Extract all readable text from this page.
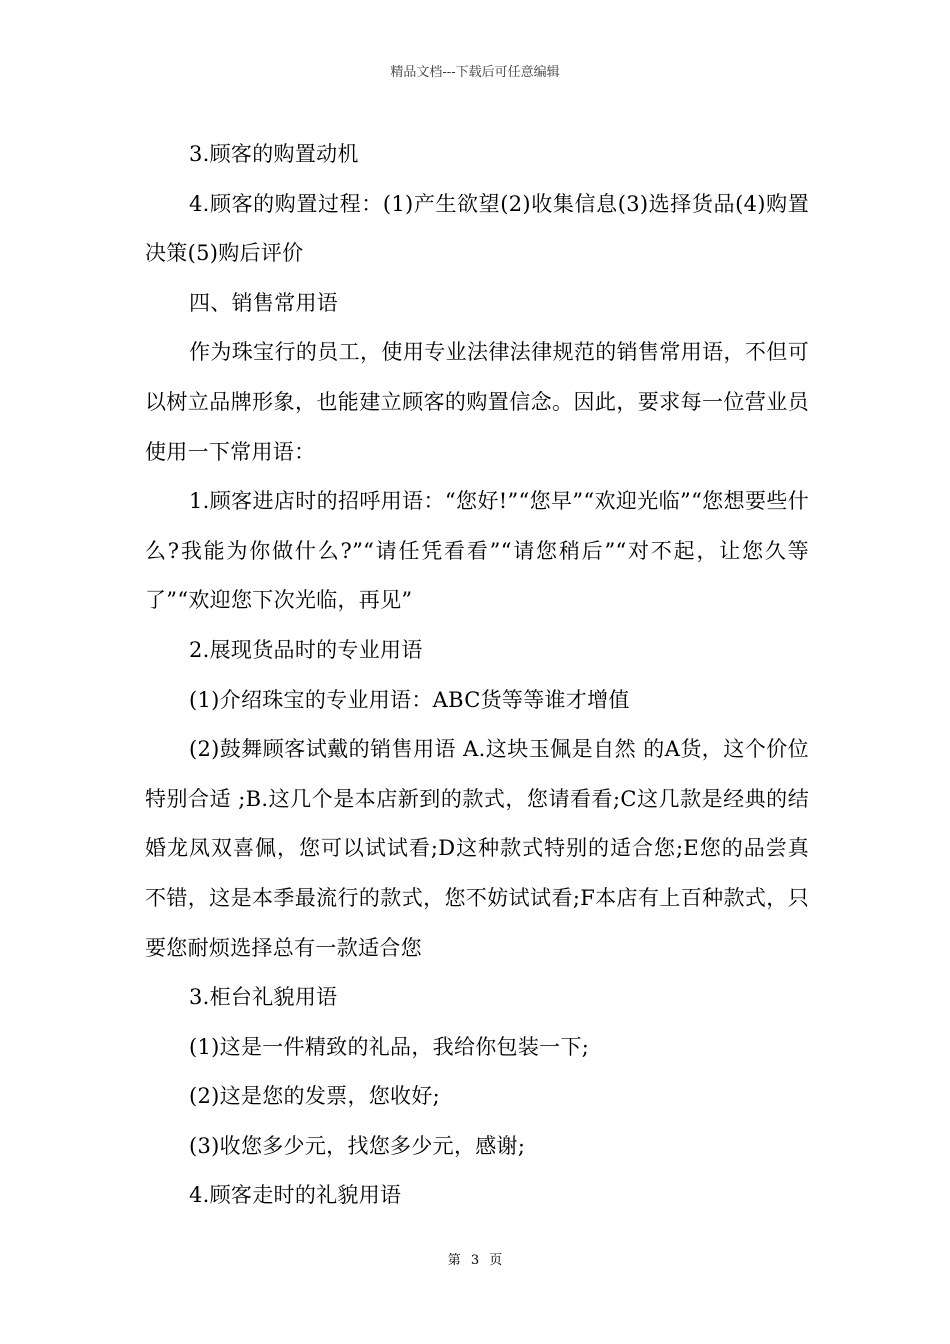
精品文档---下载后可任意编辑

3.顾客的购置动机

4.顾客的购置过程：(1)产生欲望(2)收集信息(3)选择货品(4)购置决策(5)购后评价

四、销售常用语

作为珠宝行的员工，使用专业法律法律规范的销售常用语，不但可以树立品牌形象，也能建立顾客的购置信念。因此，要求每一位营业员使用一下常用语：

1.顾客进店时的招呼用语：“您好!”“您早”“欢迎光临”“您想要些什么?我能为你做什么?”“请任凭看看”“请您稍后”“对不起，让您久等了”“欢迎您下次光临，再见”

2.展现货品时的专业用语

(1)介绍珠宝的专业用语：ABC货等等谁才增值

(2)鼓舞顾客试戴的销售用语 A.这块玉佩是自然 的A货，这个价位特别合适 ;B.这几个是本店新到的款式，您请看看;C这几款是经典的结婚龙凤双喜佩，您可以试试看;D这种款式特别的适合您;E您的品尝真不错，这是本季最流行的款式，您不妨试试看;F本店有上百种款式，只要您耐烦选择总有一款适合您

3.柜台礼貌用语

(1)这是一件精致的礼品，我给你包装一下;

(2)这是您的发票，您收好;

(3)收您多少元，找您多少元，感谢;

4.顾客走时的礼貌用语

第 3 页
